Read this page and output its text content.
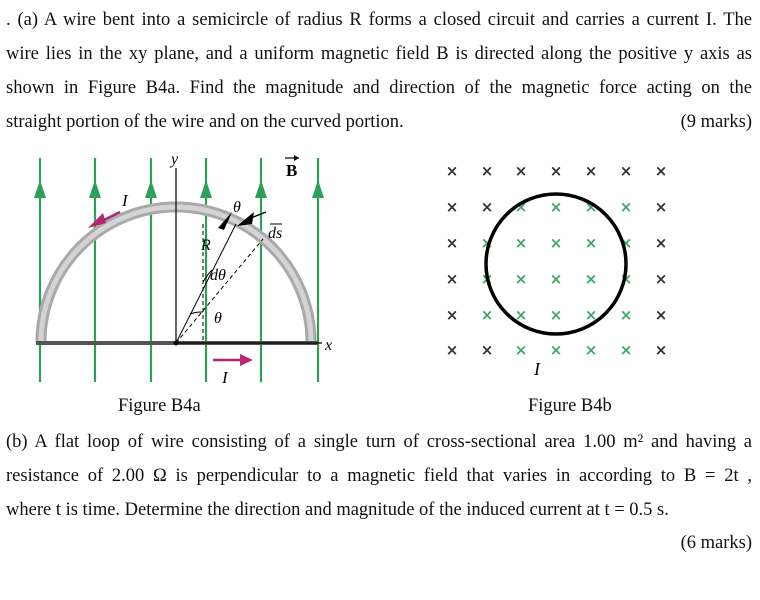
. (a) A wire bent into a semicircle of radius R forms a closed circuit and carries a current I. The
wire lies in the xy plane, and a uniform magnetic field B is directed along the positive y axis as
shown in Figure B4a. Find the magnitude and direction of the magnetic force acting on the
straight portion of the wire and on the curved portion.	(9 marks)
y
x
B
R
dθ
θ
θ
ds
I
I
× × × × × × ×
× × × × × × ×
× × × × × × ×
× × × × × × ×
× × × × × × ×
× × × × × × ×
I
Figure B4a	Figure B4b
(b) A flat loop of wire consisting of a single turn of cross-sectional area 1.00 m² and having a
resistance of 2.00 Ω is perpendicular to a magnetic field that varies in according to B = 2t ,
where t is time. Determine the direction and magnitude of the induced current at t = 0.5 s.
(6 marks)
